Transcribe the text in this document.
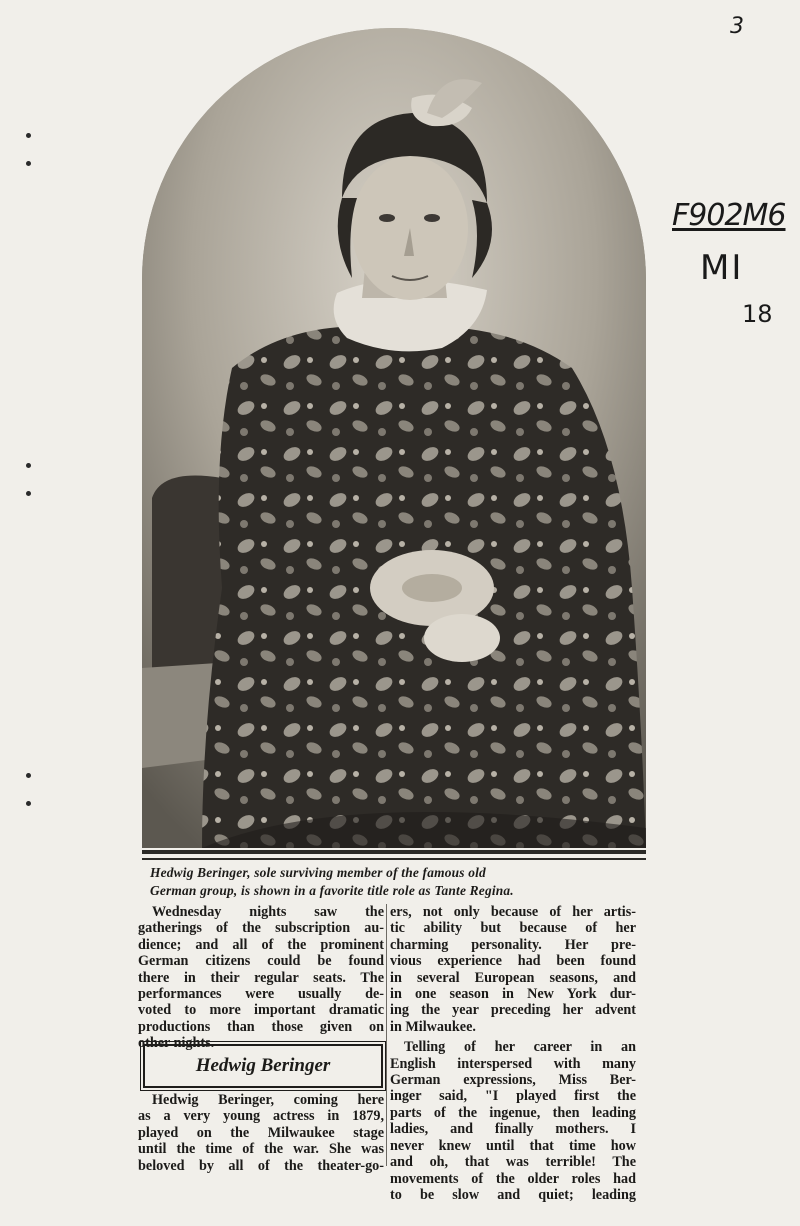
3
F902M6
MI
18
Hedwig Beringer, sole surviving member of the famous old
German group, is shown in a favorite title role as Tante Regina.
Wednesday nights saw the
gatherings of the subscription au-
dience; and all of the prominent
German citizens could be found
there in their regular seats. The
performances were usually de-
voted to more important dramatic
productions than those given on
other nights.
Hedwig Beringer
Hedwig Beringer, coming here
as a very young actress in 1879,
played on the Milwaukee stage
until the time of the war. She was
beloved by all of the theater-go-
ers, not only because of her artis-
tic ability but because of her
charming personality. Her pre-
vious experience had been found
in several European seasons, and
in one season in New York dur-
ing the year preceding her advent
in Milwaukee.
Telling of her career in an
English interspersed with many
German expressions, Miss Ber-
inger said, "I played first the
parts of the ingenue, then leading
ladies, and finally mothers. I
never knew until that time how
and oh, that was terrible! The
movements of the older roles had
to be slow and quiet; leading
